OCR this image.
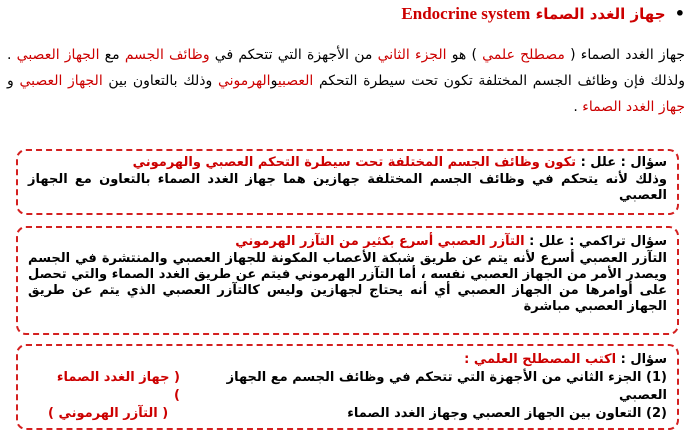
• جهاز الغدد الصماء Endocrine system
جهاز الغدد الصماء ( مصطلح علمي ) هو الجزء الثاني من الأجهزة التي تتحكم في وظائف الجسم مع الجهاز العصبي . ولذلك فإن وظائف الجسم المختلفة تكون تحت سيطرة التحكم العصبيوالهرموني وذلك بالتعاون بين الجهاز العصبي و جهاز الغدد الصماء .
سؤال : علل : تكون وظائف الجسم المختلفة تحت سيطرة التحكم العصبي والهرموني
وذلك لأنه يتحكم في وظائف الجسم المختلفة جهازين هما جهاز الغدد الصماء بالتعاون مع الجهاز العصبي
سؤال تراكمي : علل : التآزر العصبي أسرع بكثير من التآزر الهرموني
التآزر العصبي أسرع لأنه يتم عن طريق شبكة الأعصاب المكونة للجهاز العصبي والمنتشرة في الجسم ويصدر الأمر من الجهاز العصبي نفسه ، أما التآزر الهرموني فيتم عن طريق الغدد الصماء والتي تحصل على أوامرها من الجهاز العصبي أي أنه يحتاج لجهازين وليس كالتآزر العصبي الذي يتم عن طريق الجهاز العصبي مباشرة
سؤال : اكتب المصطلح العلمي :
(1) الجزء الثاني من الأجهزة التي تتحكم في وظائف الجسم مع الجهاز العصبي
( جهاز الغدد الصماء )
(2) التعاون بين الجهاز العصبي وجهاز الغدد الصماء
( التآزر الهرموني )
